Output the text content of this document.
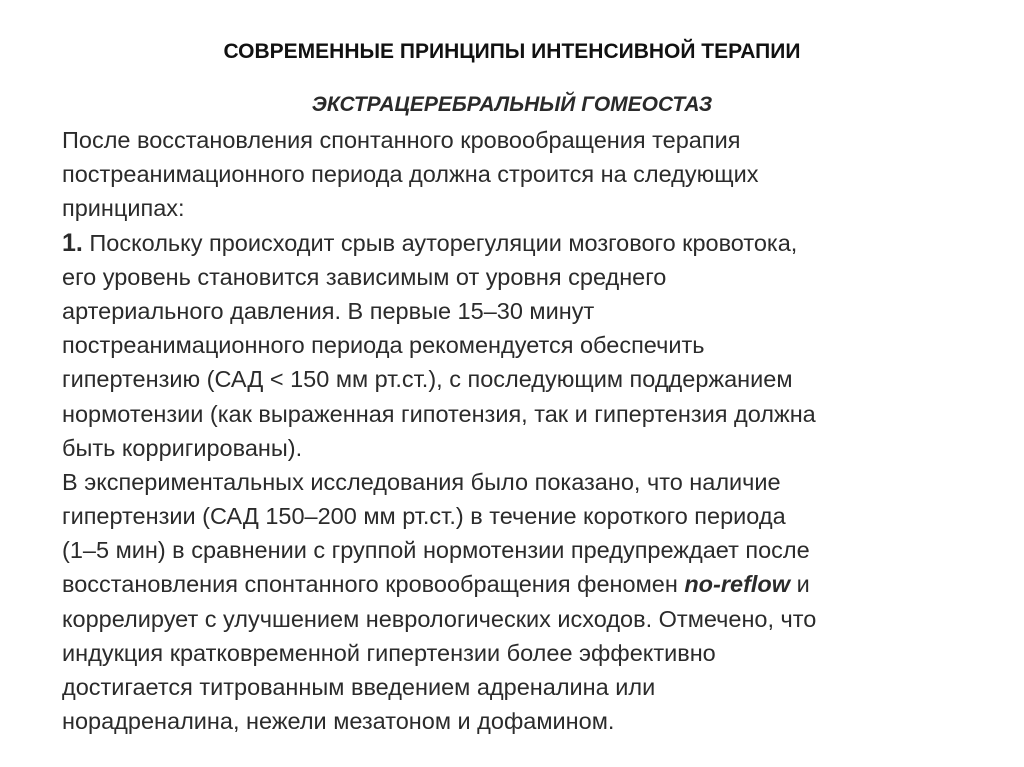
СОВРЕМЕННЫЕ ПРИНЦИПЫ ИНТЕНСИВНОЙ ТЕРАПИИ
ЭКСТРАЦЕРЕБРАЛЬНЫЙ ГОМЕОСТАЗ
После восстановления спонтанного кровообращения терапия
постреанимационного периода должна строится на следующих
принципах:
1. Поскольку происходит срыв ауторегуляции мозгового кровотока,
его уровень становится зависимым от уровня среднего
артериального давления. В первые 15–30 минут
постреанимационного периода рекомендуется обеспечить
гипертензию (САД < 150 мм рт.ст.), с последующим поддержанием
нормотензии (как выраженная гипотензия, так и гипертензия должна
быть корригированы).
В экспериментальных исследования было показано, что наличие
гипертензии (САД 150–200 мм рт.ст.) в течение короткого периода
(1–5 мин) в сравнении с группой нормотензии предупреждает после
восстановления спонтанного кровообращения феномен no-reflow и
коррелирует с улучшением неврологических исходов. Отмечено, что
индукция кратковременной гипертензии более эффективно
достигается титрованным введением адреналина или
норадреналина, нежели мезатоном и дофамином.
